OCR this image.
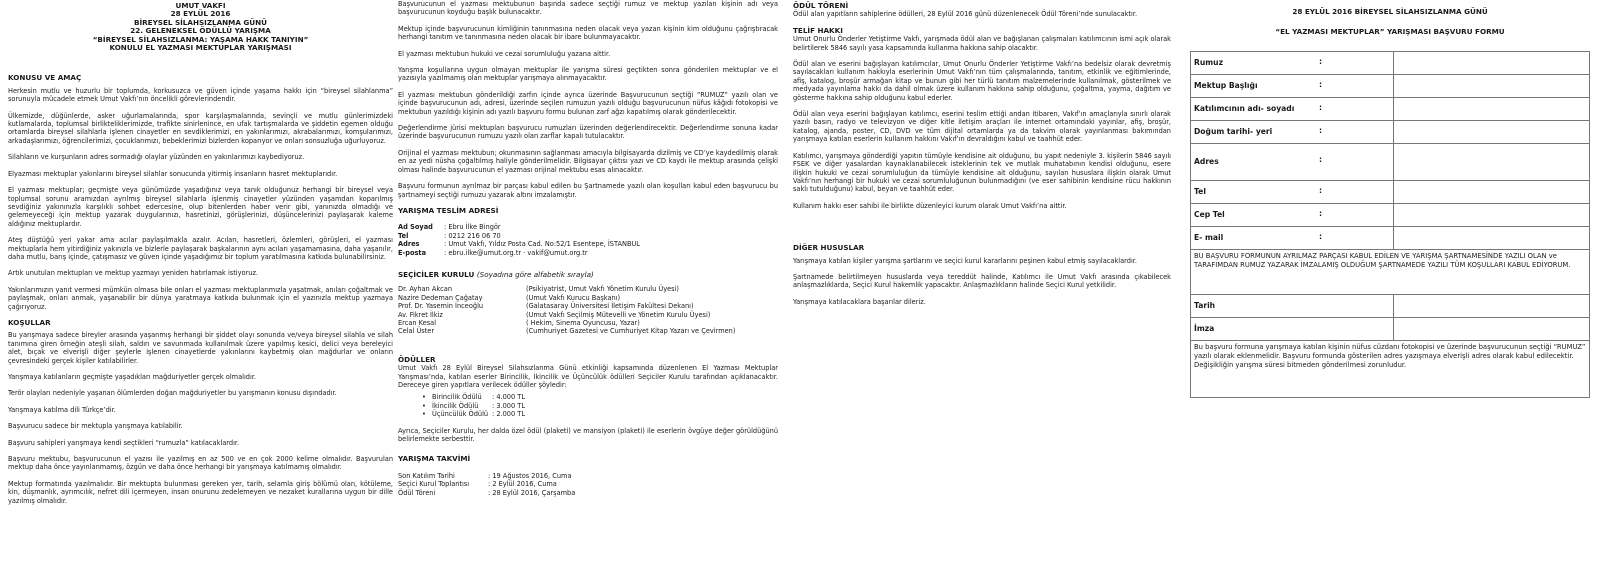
UMUT VAKFI
28 EYLÜL 2016
BİREYSEL SİLAHSIZLANMA GÜNÜ
22. GELENEKSEL ÖDÜLLÜ YARIŞMA
“BİREYSEL SİLAHSIZLANMA: YAŞAMA HAKK TANIYIN”
KONULU EL YAZMASI MEKTUPLAR YARIŞMASI
KONUSU VE AMAÇ

Herkesin mutlu ve huzurlu bir toplumda, korkusuzca ve güven içinde yaşama hakkı için “bireysel silahlanma” sorunuyla mücadele etmek Umut Vakfı’nın öncelikli görevlerindendir.

Ülkemizde, düğünlerde, asker uğurlamalarında, spor karşılaşmalarında, sevinçli ve mutlu günlerimizdeki kutlamalarda, toplumsal birlikteliklerimizde, trafikte sinirlenince, en ufak tartışmalarda ve şiddetin egemen olduğu ortamlarda bireysel silahlarla işlenen cinayetler en sevdiklerimizi, en yakınlarımızı, akrabalarımızı, komşularımızı, arkadaşlarımızı, öğrencilerimizi, çocuklarımızı, bebeklerimizi bizlerden koparıyor ve onları sonsuzluğa uğurluyoruz.

Silahların ve kurşunların adres sormadığı olaylar yüzünden en yakınlarımızı kaybediyoruz.

Elyazması mektuplar yakınlarını bireysel silahlar sonucunda yitirmiş insanların hasret mektuplarıdır.

El yazması mektuplar; geçmişte veya günümüzde yaşadığınız veya tanık olduğunuz herhangi bir bireysel veya toplumsal sorunu aramızdan ayrılmış bireysel silahlarla işlenmiş cinayetler yüzünden yaşamdan koparılmış sevdiğiniz yakınınızla karşılıklı sohbet edercesine, olup bitenlerden haber verir gibi, yanınızda olmadığı ve gelemeyeceği için mektup yazarak duygularınızı, hasretinizi, görüşlerinizi, düşüncelerinizi paylaşarak kaleme aldığınız mektuplardır.

Ateş düştüğü yeri yakar ama acılar paylaşılmakla azalır. Acıları, hasretleri, özlemleri, görüşleri, el yazması mektuplarla hem yitirdiğiniz yakınızla ve bizlerle paylaşarak başkalarının aynı acıları yaşamamasına, daha yaşanılır, daha mutlu, barış içinde, çatışmasız ve güven içinde yaşadığımız bir toplum yaratılmasına katkıda bulunabilirsiniz.

Artık unutulan mektupları ve mektup yazmayı yeniden hatırlamak istiyoruz.

Yakınlarımızın yanıt vermesi mümkün olmasa bile onları el yazması mektuplarımızla yaşatmak, anıları çoğaltmak ve paylaşmak, onları anmak, yaşanabilir bir dünya yaratmaya katkıda bulunmak için el yazınızla mektup yazmaya çağırıyoruz.

KOŞULLAR

Bu yarışmaya sadece bireyler arasında yaşanmış herhangi bir şiddet olayı sonunda ve/veya bireysel silahla ve silah tanımına giren örneğin ateşli silah, saldırı ve savunmada kullanılmak üzere yapılmış kesici, delici veya bereleyici alet, bıçak ve elverişli diğer şeylerle işlenen cinayetlerde yakınlarını kaybetmiş olan mağdurlar ve onların çevresindeki gerçek kişiler katılabilirler.

Yarışmaya katılanların geçmişte yaşadıkları mağduriyetler gerçek olmalıdır.

Terör olayları nedeniyle yaşanan ölümlerden doğan mağduriyetler bu yarışmanın konusu dışındadır.

Yarışmaya katılma dili Türkçe’dir.

Başvurucu sadece bir mektupla yarışmaya katılabilir.

Başvuru sahipleri yarışmaya kendi seçtikleri “rumuzla” katılacaklardır.

Başvuru mektubu, başvurucunun el yazısı ile yazılmış en az 500 ve en çok 2000 kelime olmalıdır. Başvurulan mektup daha önce yayınlanmamış, özgün ve daha önce herhangi bir yarışmaya katılmamış olmalıdır.

Mektup formatında yazılmalıdır. Bir mektupta bulunması gereken yer, tarih, selamla giriş bölümü olan, kötüleme, kin, düşmanlık, ayrımcılık, nefret dili içermeyen, insan onurunu zedelemeyen ve nezaket kurallarına uygun bir dille yazılmış olmalıdır.

Başvurucunun el yazması mektubunun başında sadece seçtiği rumuz ve mektup yazılan kişinin adı veya başvurucunun koyduğu başlık bulunacaktır.

Mektup içinde başvurucunun kimliğinin tanınmasına neden olacak veya yazan kişinin kim olduğunu çağrıştıracak herhangi tanıtım ve tanınmasına neden olacak bir ibare bulunmayacaktır.

El yazması mektubun hukuki ve cezai sorumluluğu yazana aittir.

Yarışma koşullarına uygun olmayan mektuplar ile yarışma süresi geçtikten sonra gönderilen mektuplar ve el yazısıyla yazılmamış olan mektuplar yarışmaya alınmayacaktır.

El yazması mektubun gönderildiği zarfın içinde ayrıca üzerinde Başvurucunun seçtiği “RUMUZ” yazılı olan ve içinde başvurucunun adı, adresi, üzerinde seçilen rumuzun yazılı olduğu başvurucunun nüfus kâğıdı fotokopisi ve mektubun yazıldığı kişinin adı yazılı başvuru formu bulunan zarf ağzı kapatılmış olarak gönderilecektir.

Değerlendirme jürisi mektupları başvurucu rumuzları üzerinden değerlendirecektir. Değerlendirme sonuna kadar üzerinde başvurucunun rumuzu yazılı olan zarflar kapalı tutulacaktır.

Orijinal el yazması mektubun; okunmasının sağlanması amacıyla bilgisayarda dizilmiş ve CD’ye kaydedilmiş olarak en az yedi nüsha çoğaltılmış haliyle gönderilmelidir. Bilgisayar çıktısı yazı ve CD kaydı ile mektup arasında çelişki olması halinde başvurucunun el yazması orijinal mektubu esas alınacaktır.

Başvuru formunun ayrılmaz bir parçası kabul edilen bu Şartnamede yazılı olan koşulları kabul eden başvurucu bu şartnameyi seçtiği rumuzu yazarak altını imzalamıştır.

YARIŞMA TESLİM ADRESİ
Ad Soyad	: Ebru İlke Bingör
Tel	: 0212 216 06 70
Adres	: Umut Vakfı, Yıldız Posta Cad. No:52/1 Esentepe, İSTANBUL
E-posta	: ebru.ilke@umut.org.tr · vakif@umut.org.tr
SEÇİCİLER KURULU (Soyadına göre alfabetik sırayla)
Dr. Ayhan Akcan	(Psikiyatrist, Umut Vakfı Yönetim Kurulu Üyesi)
Nazire Dedeman Çağatay	(Umut Vakfı Kurucu Başkanı)
Prof. Dr. Yasemin İnceoğlu	(Galatasaray Üniversitesi İletişim Fakültesi Dekanı)
Av. Fikret İlkiz	(Umut Vakfı Seçilmiş Mütevelli ve Yönetim Kurulu Üyesi)
Ercan Kesal	( Hekim, Sinema Oyuncusu, Yazar)
Celal Üster	(Cumhuriyet Gazetesi ve Cumhuriyet Kitap Yazarı ve Çevirmen)
ÖDÜLLER

Umut Vakfı 28 Eylül Bireysel Silahsızlanma Günü etkinliği kapsamında düzenlenen El Yazması Mektuplar Yarışması’nda, katılan eserler Birincilik, İkincilik ve Üçüncülük ödülleri Seçiciler Kurulu tarafından açıklanacaktır. Dereceye giren yapıtlara verilecek ödüller şöyledir:

• Birincilik Ödülü	: 4.000 TL
• İkincilik Ödülü	: 3.000 TL
• Üçüncülük Ödülü : 2.000 TL

Ayrıca, Seçiciler Kurulu, her dalda özel ödül (plaketi) ve mansiyon (plaketi) ile eserlerin övgüye değer görüldüğünü belirlemekte serbesttir.

YARIŞMA TAKVİMİ
Son Katılım Tarihi	: 19 Ağustos 2016, Cuma
Seçici Kurul Toplantısı	: 2 Eylül 2016, Cuma
Ödül Töreni	: 28 Eylül 2016, Çarşamba
ÖDÜL TÖRENİ

Ödül alan yapıtların sahiplerine ödülleri, 28 Eylül 2016 günü düzenlenecek Ödül Töreni’nde sunulacaktır.

TELİF HAKKI

Umut Onurlu Önderler Yetiştirme Vakfı, yarışmada ödül alan ve bağışlanan çalışmaları katılımcının ismi açık olarak belirtilerek 5846 sayılı yasa kapsamında kullanma hakkına sahip olacaktır.

Ödül alan ve eserini bağışlayan katılımcılar, Umut Onurlu Önderler Yetiştirme Vakfı’na bedelsiz olarak devretmiş sayılacakları kullanım hakkıyla eserlerinin Umut Vakfı’nın tüm çalışmalarında, tanıtım, etkinlik ve eğitimlerinde, afiş, katalog, broşür armağan kitap ve bunun gibi her türlü tanıtım malzemelerinde kullanılmak, gösterilmek ve medyada yayınlama hakkı da dahil olmak üzere kullanım hakkına sahip olduğunu, çoğaltma, yayma, dağıtım ve gösterme hakkına sahip olduğunu kabul ederler.

Ödül alan veya eserini bağışlayan katılımcı, eserini teslim ettiği andan itibaren, Vakıf’ın amaçlarıyla sınırlı olarak yazılı basın, radyo ve televizyon ve diğer kitle iletişim araçları ile internet ortamındaki yayınlar, afiş, broşür, katalog, ajanda, poster, CD, DVD ve tüm dijital ortamlarda ya da takvim olarak yayınlanması bakımından yarışmaya katılan eserlerin kullanım hakkını Vakıf’ın devraldığını kabul ve taahhüt eder.

Katılımcı, yarışmaya gönderdiği yapıtın tümüyle kendisine ait olduğunu, bu yapıt nedeniyle 3. kişilerin 5846 sayılı FSEK ve diğer yasalardan kaynaklanabilecek isteklerinin tek ve mutlak muhatabının kendisi olduğunu, esere ilişkin hukuki ve cezai sorumluluğun da tümüyle kendisine ait olduğunu, sayılan hususlara ilişkin olarak Umut Vakfı’nın herhangi bir hukuki ve cezai sorumluluğunun bulunmadığını (ve eser sahibinin kendisine rücu hakkının saklı tutulduğunu) kabul, beyan ve taahhüt eder.

Kullanım hakkı eser sahibi ile birlikte düzenleyici kurum olarak Umut Vakfı’na aittir.

DİĞER HUSUSLAR

Yarışmaya katılan kişiler yarışma şartlarını ve seçici kurul kararlarını peşinen kabul etmiş sayılacaklardır.

Şartnamede belirtilmeyen hususlarda veya tereddüt halinde, Katılımcı ile Umut Vakfı arasında çıkabilecek anlaşmazlıklarda, Seçici Kurul hakemlik yapacaktır. Anlaşmazlıkların halinde Seçici Kurul yetkilidir.

Yarışmaya katılacaklara başarılar dileriz.

28 EYLÜL 2016 BİREYSEL SİLAHSIZLANMA GÜNÜ
“EL YAZMASI MEKTUPLAR” YARIŞMASI BAŞVURU FORMU
Rumuz :	

Mektup Başlığı :	

Katılımcının adı- soyadı :	

Doğum tarihi- yeri :	

Adres :	

Tel :	

Cep Tel :	

E- mail :	

BU BAŞVURU FORMUNUN AYRILMAZ PARÇASI KABUL EDİLEN VE YARIŞMA ŞARTNAMESİNDE YAZILI OLAN ve TARAFIMDAN RUMUZ YAZARAK İMZALAMIŞ OLDUĞUM ŞARTNAMEDE YAZILI TÜM KOŞULLARI KABUL EDİYORUM.	
Tarih	
İmza	
Bu başvuru formuna yarışmaya katılan kişinin nüfus cüzdanı fotokopisi ve üzerinde başvurucunun seçtiği “RUMUZ” yazılı olarak eklenmelidir. Başvuru formunda gösterilen adres yazışmaya elverişli adres olarak kabul edilecektir. Değişikliğin yarışma süresi bitmeden gönderilmesi zorunludur.	
